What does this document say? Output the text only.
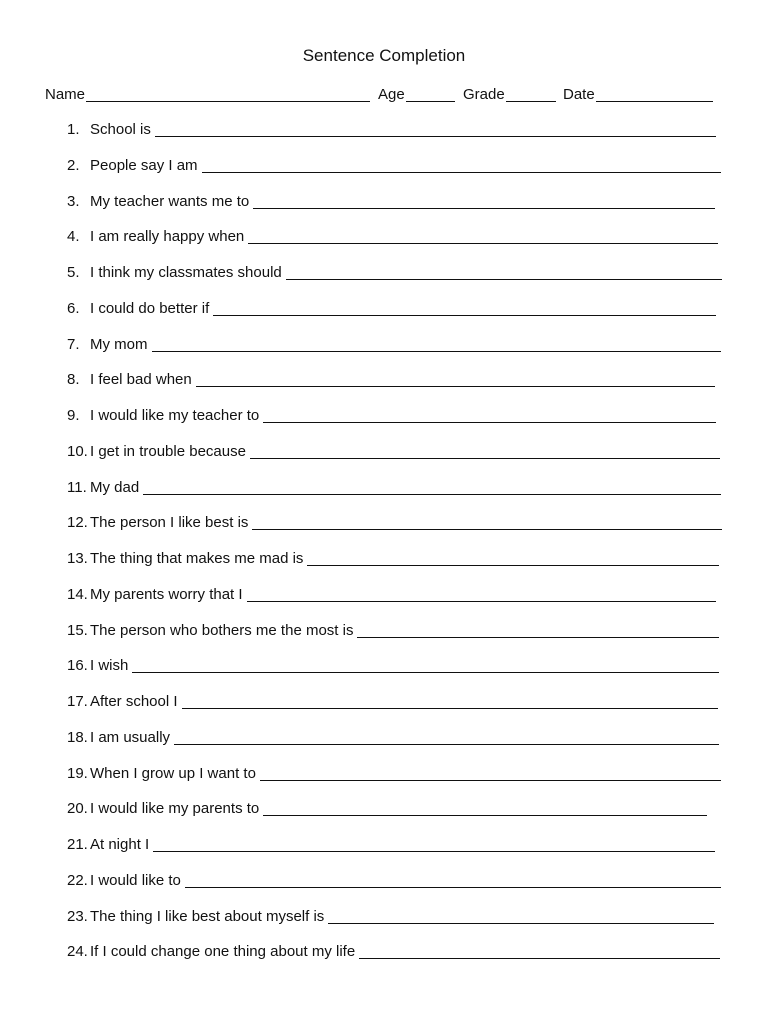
Sentence Completion
Name	Age	Grade	Date
1. School is
2. People say I am
3. My teacher wants me to
4. I am really happy when
5. I think my classmates should
6. I could do better if
7. My mom
8. I feel bad when
9. I would like my teacher to
10. I get in trouble because
11. My dad
12. The person I like best is
13. The thing that makes me mad is
14. My parents worry that I
15. The person who bothers me the most is
16. I wish
17. After school I
18. I am usually
19. When I grow up I want to
20. I would like my parents to
21. At night I
22. I would like to
23. The thing I like best about myself is
24. If I could change one thing about my life
